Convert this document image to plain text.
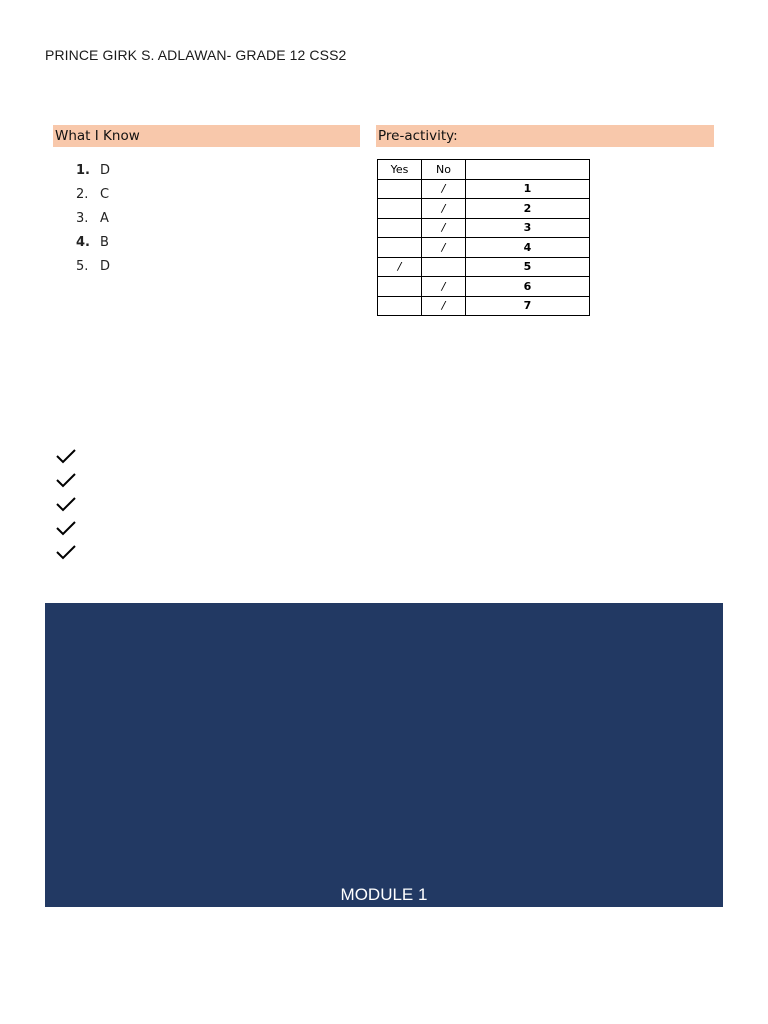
PRINCE GIRK S. ADLAWAN- GRADE 12 CSS2
What I Know	Pre-activity:
1. D
2. C
3. A
4. B
5. D
Yes	No	
	/	1
	/	2
	/	3
	/	4
/		5
	/	6
	/	7
MODULE 1
